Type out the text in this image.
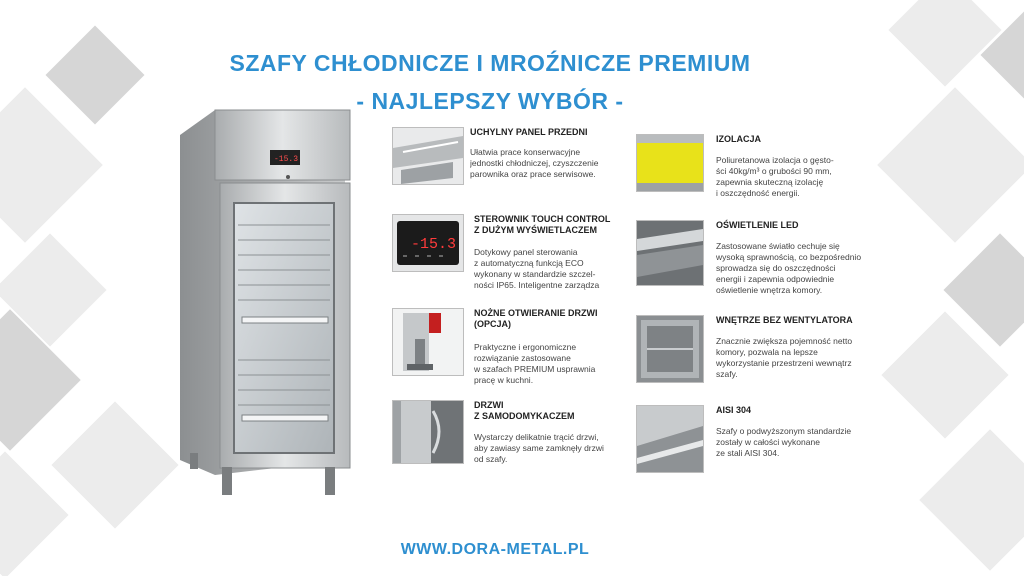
SZAFY CHŁODNICZE I MROŹNICZE PREMIUM
- NAJLEPSZY WYBÓR -
-15.3
UCHYLNY PANEL PRZEDNI
Ułatwia prace konserwacyjne
jednostki chłodniczej, czyszczenie
parownika oraz prace serwisowe.
-15.3
STEROWNIK TOUCH CONTROL
Z DUŻYM WYŚWIETLACZEM
Dotykowy panel sterowania
z automatyczną funkcją ECO
wykonany w standardzie szczel-
ności IP65. Inteligentne zarządza
NOŻNE OTWIERANIE DRZWI
(OPCJA)
Praktyczne i ergonomiczne
rozwiązanie zastosowane
w szafach PREMIUM usprawnia
pracę w kuchni.
DRZWI
Z SAMODOMYKACZEM
Wystarczy delikatnie trącić drzwi,
aby zawiasy same zamknęły drzwi
od szafy.
IZOLACJA
Poliuretanowa izolacja o gęsto-
ści 40kg/m³ o grubości 90 mm,
zapewnia skuteczną izolację
i oszczędność energii.
OŚWIETLENIE LED
Zastosowane światło cechuje się
wysoką sprawnością, co bezpośrednio
sprowadza się do oszczędności
energii i zapewnia odpowiednie
oświetlenie wnętrza komory.
WNĘTRZE BEZ WENTYLATORA
Znacznie zwiększa pojemność netto
komory, pozwala na lepsze
wykorzystanie przestrzeni wewnątrz
szafy.
AISI 304
Szafy o podwyższonym standardzie
zostały w całości wykonane
ze stali AISI 304.
WWW.DORA-METAL.PL
